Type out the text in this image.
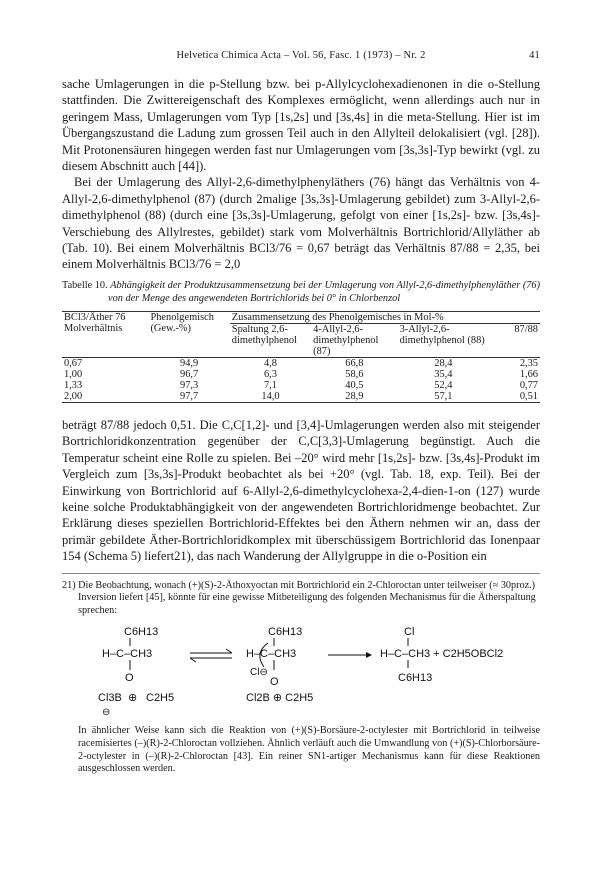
Helvetica Chimica Acta – Vol. 56, Fasc. 1 (1973) – Nr. 2	41

sache Umlagerungen in die p-Stellung bzw. bei p-Allylcyclohexadienonen in die o-Stellung stattfinden. Die Zwittereigenschaft des Komplexes ermöglicht, wenn allerdings auch nur in geringem Mass, Umlagerungen vom Typ [1s,2s] und [3s,4s] in die meta-Stellung. Hier ist im Übergangszustand die Ladung zum grossen Teil auch in den Allylteil delokalisiert (vgl. [28]). Mit Protonensäuren hingegen werden fast nur Umlagerungen vom [3s,3s]-Typ bewirkt (vgl. zu diesem Abschnitt auch [44]).

Bei der Umlagerung des Allyl-2,6-dimethylphenyläthers (76) hängt das Verhältnis von 4-Allyl-2,6-dimethylphenol (87) (durch 2malige [3s,3s]-Umlagerung gebildet) zum 3-Allyl-2,6-dimethylphenol (88) (durch eine [3s,3s]-Umlagerung, gefolgt von einer [1s,2s]- bzw. [3s,4s]-Verschiebung des Allylrestes, gebildet) stark vom Molverhältnis Bortrichlorid/Allyläther ab (Tab. 10). Bei einem Molverhältnis BCl3/76 = 0,67 beträgt das Verhältnis 87/88 = 2,35, bei einem Molverhältnis BCl3/76 = 2,0

Tabelle 10. Abhängigkeit der Produktzusammensetzung bei der Umlagerung von Allyl-2,6-dimethylphenyläther (76) von der Menge des angewendeten Bortrichlorids bei 0° in Chlorbenzol
BCl3/Äther 76 Molverhältnis	Phenolgemisch (Gew.-%)	Zusammensetzung des Phenolgemisches in Mol-%			
		Spaltung 2,6-dimethylphenol	4-Allyl-2,6-dimethylphenol (87)	3-Allyl-2,6-dimethylphenol (88)	87/88
0,67	94,9	4,8	66,8	28,4	2,35
1,00	96,7	6,3	58,6	35,4	1,66
1,33	97,3	7,1	40,5	52,4	0,77
2,00	97,7	14,0	28,9	57,1	0,51

beträgt 87/88 jedoch 0,51. Die C,C[1,2]- und [3,4]-Umlagerungen werden also mit steigender Bortrichloridkonzentration gegenüber der C,C[3,3]-Umlagerung begünstigt. Auch die Temperatur scheint eine Rolle zu spielen. Bei –20° wird mehr [1s,2s]- bzw. [3s,4s]-Produkt im Vergleich zum [3s,3s]-Produkt beobachtet als bei +20° (vgl. Tab. 18, exp. Teil). Bei der Einwirkung von Bortrichlorid auf 6-Allyl-2,6-dimethylcyclohexa-2,4-dien-1-on (127) wurde keine solche Produktabhängigkeit von der angewendeten Bortrichloridmenge beobachtet. Zur Erklärung dieses speziellen Bortrichlorid-Effektes bei den Äthern nehmen wir an, dass der primär gebildete Äther-Bortrichloridkomplex mit überschüssigem Bortrichlorid das Ionenpaar 154 (Schema 5) liefert21), das nach Wanderung der Allylgruppe in die o-Position ein

21) Die Beobachtung, wonach (+)(S)-2-Äthoxyoctan mit Bortrichlorid ein 2-Chloroctan unter teilweiser (≈ 30proz.) Inversion liefert [45], könnte für eine gewisse Mitbeteiligung des folgenden Mechanismus für die Ätherspaltung sprechen:
C6H13
H–C–CH3
O
Cl3B ⊕ C2H5
⊖
C6H13
H–C–CH3
Cl⊖
O
Cl2B ⊕ C2H5
Cl
H–C–CH3 + C2H5OBCl2
C6H13
In ähnlicher Weise kann sich die Reaktion von (+)(S)-Borsäure-2-octylester mit Bortrichlorid in teilweise racemisiertes (–)(R)-2-Chloroctan vollziehen. Ähnlich verläuft auch die Umwandlung von (+)(S)-Chlorborsäure-2-octylester in (–)(R)-2-Chloroctan [43]. Ein reiner SN1-artiger Mechanismus kann für diese Reaktionen ausgeschlossen werden.
